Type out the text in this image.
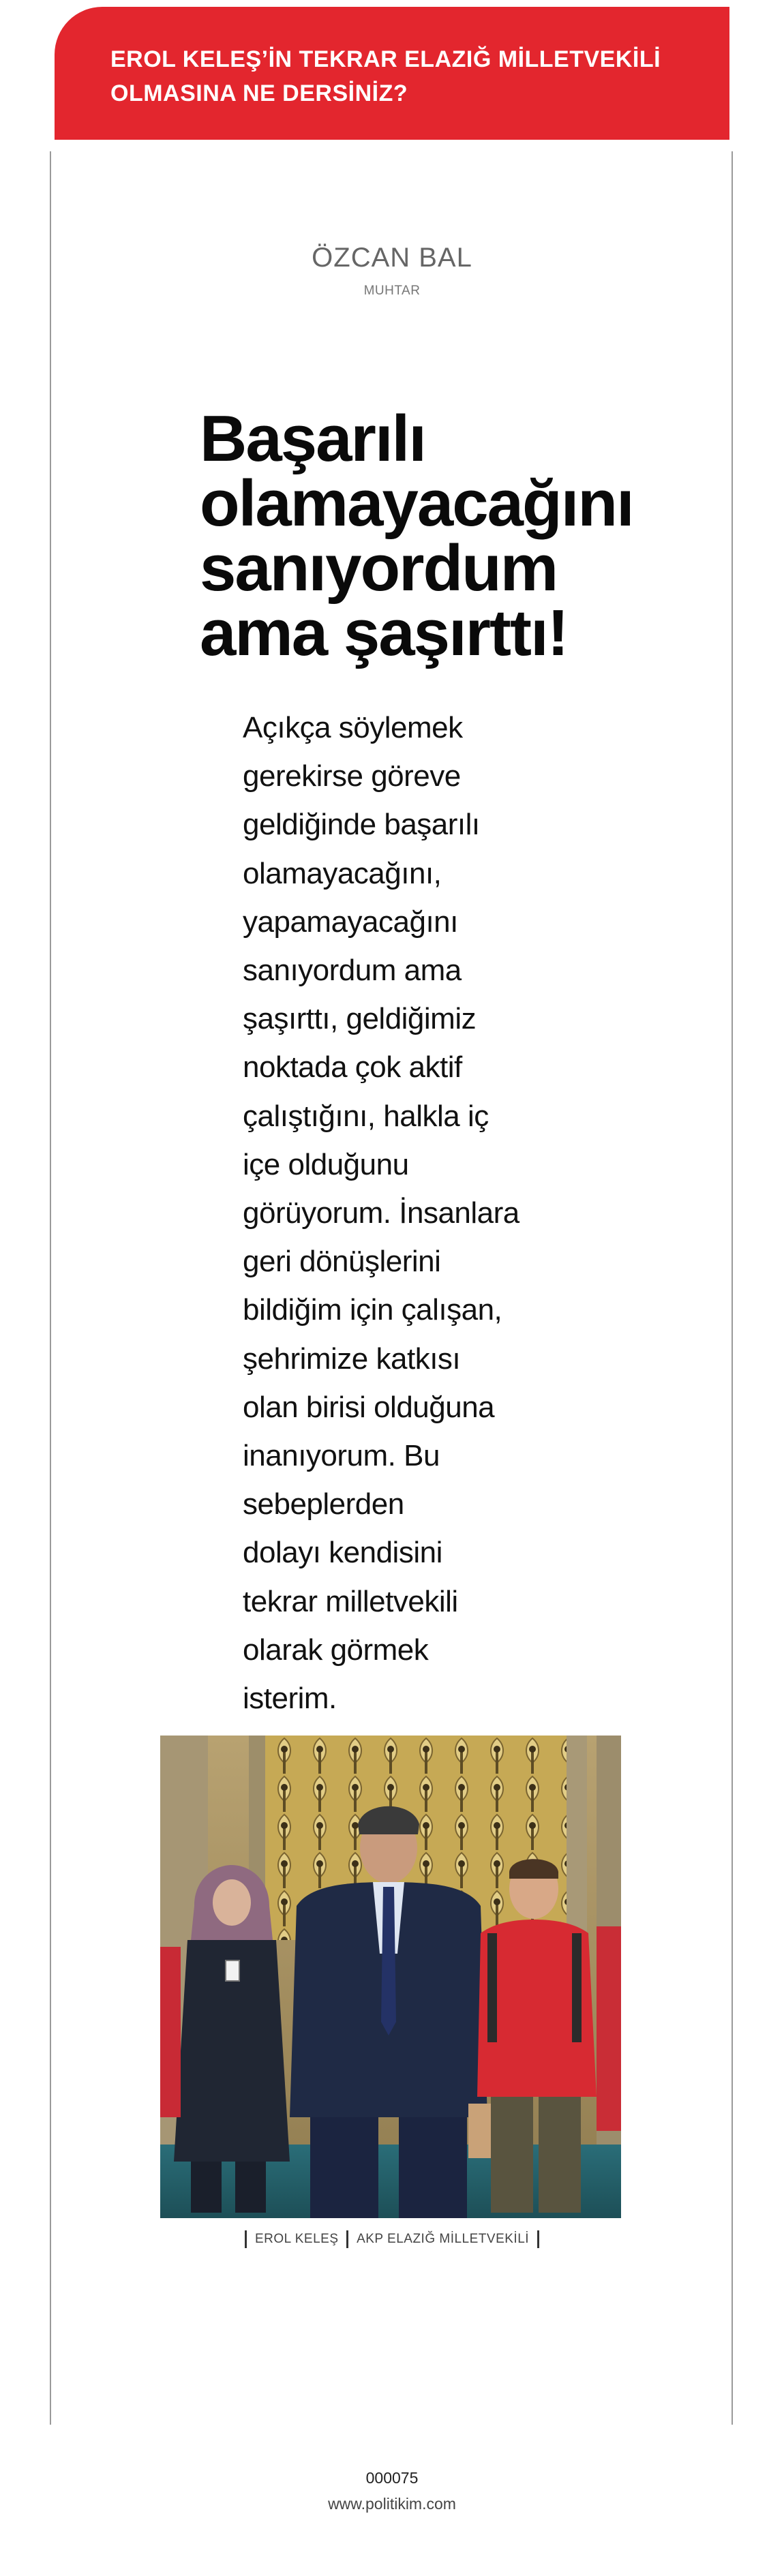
EROL KELEŞ’İN TEKRAR ELAZIĞ MİLLETVEKİLİ
OLMASINA NE DERSİNİZ?
ÖZCAN BAL
MUHTAR
Başarılı
olamayacağını
sanıyordum
ama şaşırttı!
Açıkça söylemek
gerekirse göreve
geldiğinde başarılı
olamayacağını,
yapamayacağını
sanıyordum ama
şaşırttı, geldiğimiz
noktada çok aktif
çalıştığını, halkla iç
içe olduğunu
görüyorum. İnsanlara
geri dönüşlerini
bildiğim için çalışan,
şehrimize katkısı
olan birisi olduğuna
inanıyorum. Bu
sebeplerden
dolayı kendisini
tekrar milletvekili
olarak görmek
isterim.
EROL KELEŞ AKP ELAZIĞ MİLLETVEKİLİ
000075
www.politikim.com
